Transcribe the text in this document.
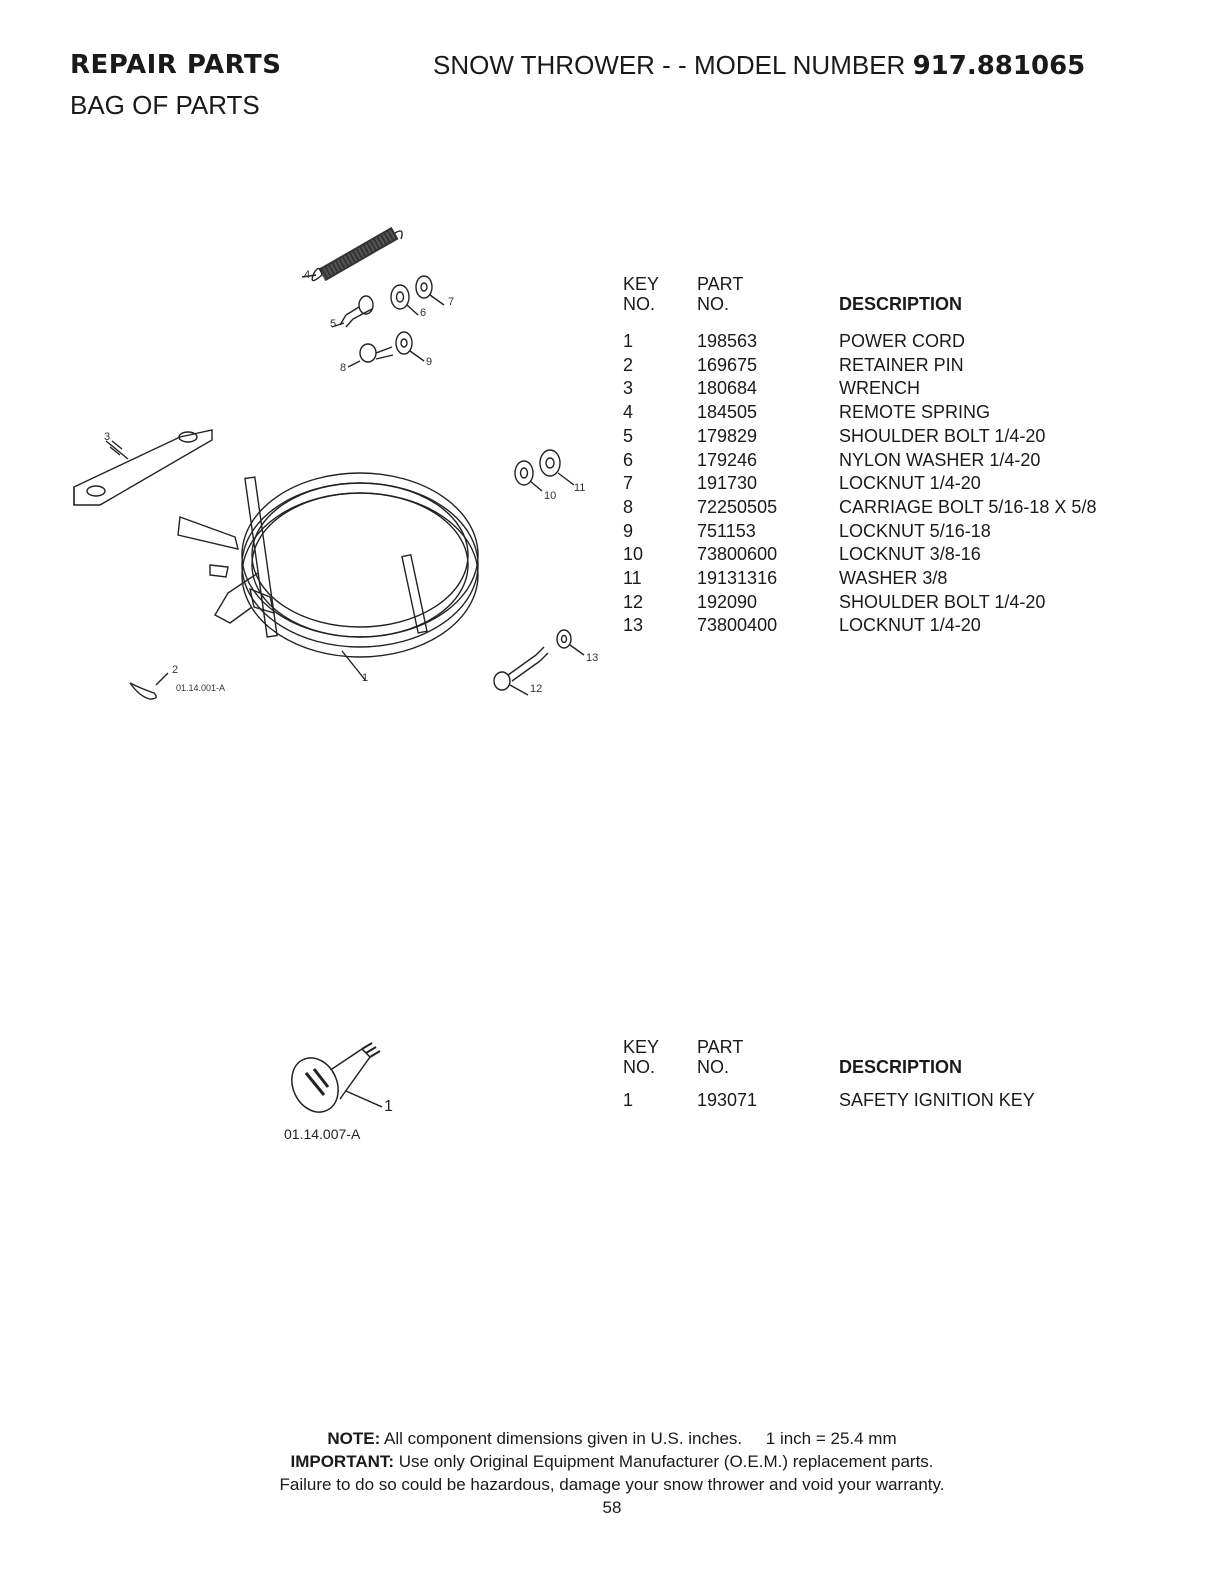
REPAIR PARTS	SNOW THROWER - - MODEL NUMBER 917.881065
BAG OF PARTS
4
5
6
7
8	9
3
10
11
1
2
12
13
01.14.001-A
KEY
NO.
PART
NO.	DESCRIPTION
1	198563	POWER CORD
2	169675	RETAINER PIN
3	180684	WRENCH
4	184505	REMOTE SPRING
5	179829	SHOULDER BOLT 1/4-20
6	179246	NYLON WASHER 1/4-20
7	191730	LOCKNUT 1/4-20
8	72250505	CARRIAGE BOLT 5/16-18 X 5/8
9	751153	LOCKNUT 5/16-18
10	73800600	LOCKNUT 3/8-16
11	19131316	WASHER 3/8
12	192090	SHOULDER BOLT 1/4-20
13	73800400	LOCKNUT 1/4-20
1
01.14.007-A
KEY
NO.
PART
NO.	DESCRIPTION
1	193071	SAFETY IGNITION KEY
NOTE: All component dimensions given in U.S. inches.     1 inch = 25.4 mm
IMPORTANT: Use only Original Equipment Manufacturer (O.E.M.) replacement parts.
Failure to do so could be hazardous, damage your snow thrower and void your warranty.
58
